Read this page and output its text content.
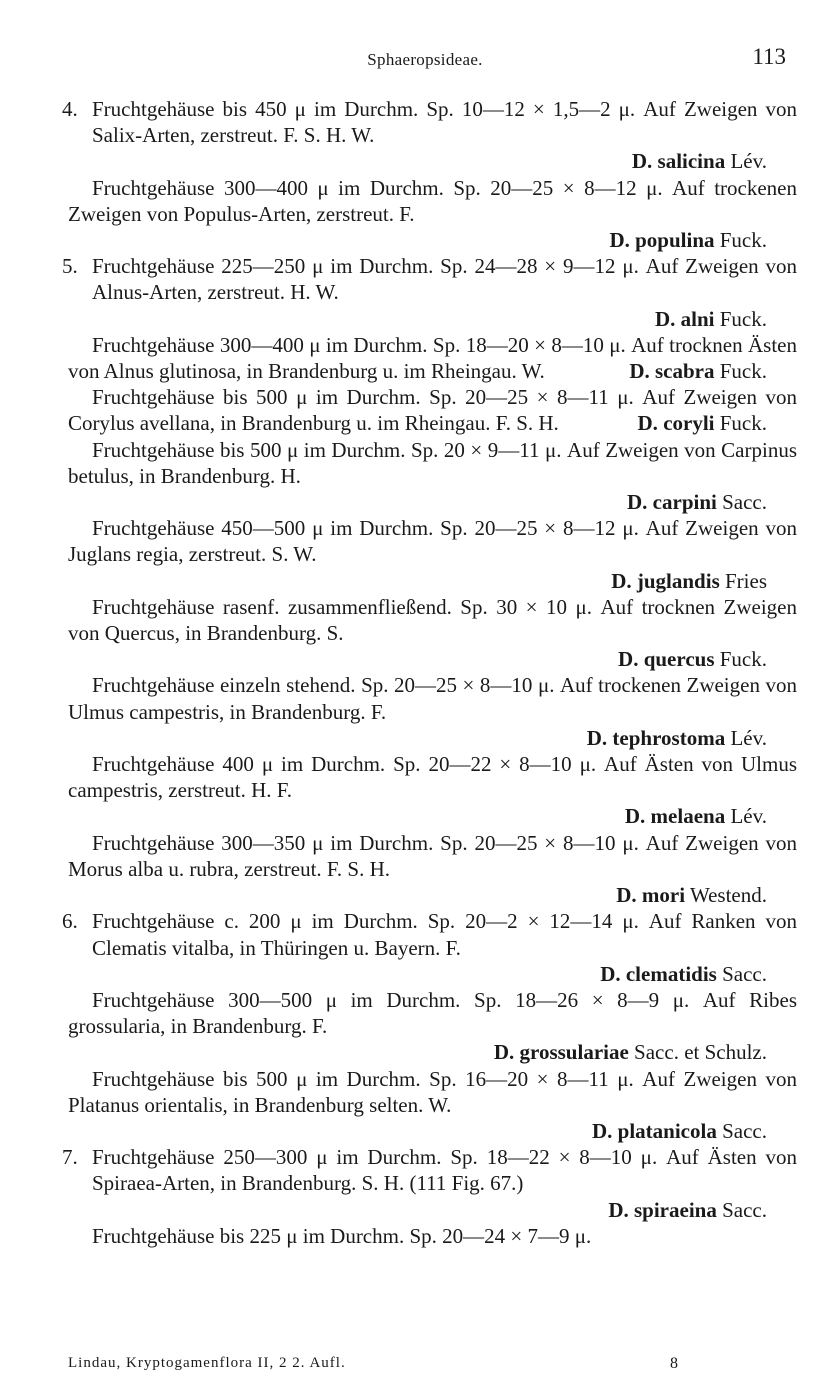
Sphaeropsideae.	113

4. Fruchtgehäuse bis 450 μ im Durchm. Sp. 10—12 × 1,5—2 μ. Auf Zweigen von Salix-Arten, zerstreut. F. S. H. W.

D. salicina Lév.

Fruchtgehäuse 300—400 μ im Durchm. Sp. 20—25 × 8—12 μ. Auf trockenen Zweigen von Populus-Arten, zerstreut. F.

D. populina Fuck.

5. Fruchtgehäuse 225—250 μ im Durchm. Sp. 24—28 × 9—12 μ. Auf Zweigen von Alnus-Arten, zerstreut. H. W.

D. alni Fuck.

Fruchtgehäuse 300—400 μ im Durchm. Sp. 18—20 × 8—10 μ. Auf trocknen Ästen von Alnus glutinosa, in Brandenburg u. im Rheingau. W.	D. scabra Fuck.

Fruchtgehäuse bis 500 μ im Durchm. Sp. 20—25 × 8—11 μ. Auf Zweigen von Corylus avellana, in Brandenburg u. im Rheingau. F. S. H.	D. coryli Fuck.

Fruchtgehäuse bis 500 μ im Durchm. Sp. 20 × 9—11 μ. Auf Zweigen von Carpinus betulus, in Brandenburg. H.

D. carpini Sacc.

Fruchtgehäuse 450—500 μ im Durchm. Sp. 20—25 × 8—12 μ. Auf Zweigen von Juglans regia, zerstreut. S. W.

D. juglandis Fries

Fruchtgehäuse rasenf. zusammenfließend. Sp. 30 × 10 μ. Auf trocknen Zweigen von Quercus, in Brandenburg. S.

D. quercus Fuck.

Fruchtgehäuse einzeln stehend. Sp. 20—25 × 8—10 μ. Auf trockenen Zweigen von Ulmus campestris, in Brandenburg. F.

D. tephrostoma Lév.

Fruchtgehäuse 400 μ im Durchm. Sp. 20—22 × 8—10 μ. Auf Ästen von Ulmus campestris, zerstreut. H. F.

D. melaena Lév.

Fruchtgehäuse 300—350 μ im Durchm. Sp. 20—25 × 8—10 μ. Auf Zweigen von Morus alba u. rubra, zerstreut. F. S. H.

D. mori Westend.

6. Fruchtgehäuse c. 200 μ im Durchm. Sp. 20—2 × 12—14 μ. Auf Ranken von Clematis vitalba, in Thüringen u. Bayern. F.

D. clematidis Sacc.

Fruchtgehäuse 300—500 μ im Durchm. Sp. 18—26 × 8—9 μ. Auf Ribes grossularia, in Brandenburg. F.

D. grossulariae Sacc. et Schulz.

Fruchtgehäuse bis 500 μ im Durchm. Sp. 16—20 × 8—11 μ. Auf Zweigen von Platanus orientalis, in Brandenburg selten. W.

D. platanicola Sacc.

7. Fruchtgehäuse 250—300 μ im Durchm. Sp. 18—22 × 8—10 μ. Auf Ästen von Spiraea-Arten, in Brandenburg. S. H. (111 Fig. 67.)

D. spiraeina Sacc.

Fruchtgehäuse bis 225 μ im Durchm. Sp. 20—24 × 7—9 μ.

Lindau, Kryptogamenflora II, 2 2. Aufl.	8
